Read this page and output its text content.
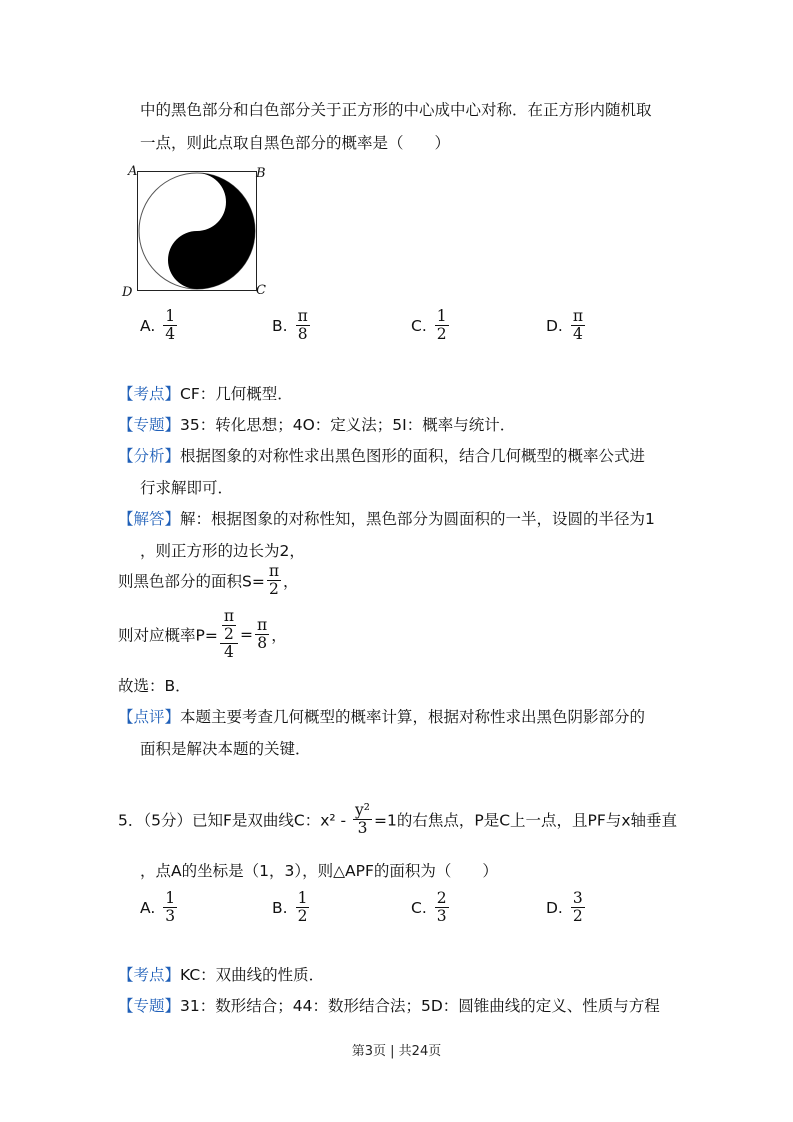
中的黑色部分和白色部分关于正方形的中心成中心对称．在正方形内随机取
一点，则此点取自黑色部分的概率是（　　）
A	B
C
D
A. $\frac{1}{4}$	B. $\frac{\pi}{8}$	C. $\frac{1}{2}$	D. $\frac{\pi}{4}$
【考点】CF：几何概型．
【专题】35：转化思想；4O：定义法；5I：概率与统计．
【分析】根据图象的对称性求出黑色图形的面积，结合几何概型的概率公式进
行求解即可．
【解答】解：根据图象的对称性知，黑色部分为圆面积的一半，设圆的半径为1
，则正方形的边长为2，
则黑色部分的面积$S= \frac{\pi}{2}$ ，
则对应概率$P= \frac{\frac{\pi}{2}}{4} = \frac{\pi}{8}$ ，
故选：B．
【点评】本题主要考查几何概型的概率计算，根据对称性求出黑色阴影部分的
面积是解决本题的关键．
5．（5分）已知F是双曲线C：$x^2 - \frac{\text{y²}}{3} =1$的右焦点，P是C上一点，且PF与x轴垂直
，点A的坐标是（1，3），则△APF的面积为（　　）
A. $\frac{1}{3}$	B. $\frac{1}{2}$	C. $\frac{2}{3}$	D. $\frac{3}{2}$
【考点】KC：双曲线的性质．
【专题】31：数形结合；44：数形结合法；5D：圆锥曲线的定义、性质与方程
第3页 | 共24页
